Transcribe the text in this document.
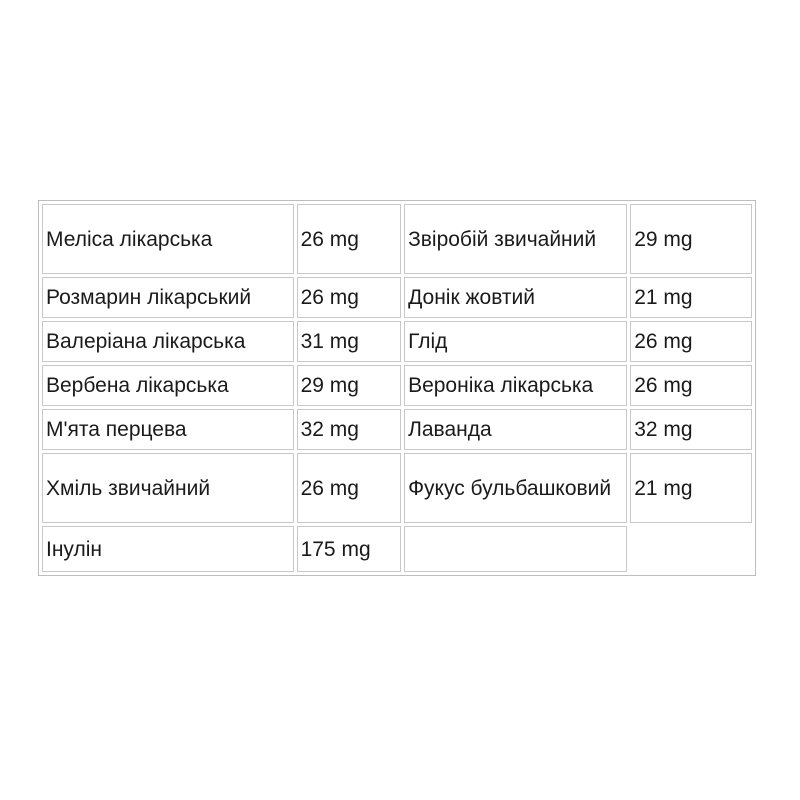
Меліса лікарська	26 mg	Звіробій звичайний	29 mg
Розмарин лікарський	26 mg	Донік жовтий	21 mg
Валеріана лікарська	31 mg	Глід	26 mg
Вербена лікарська	29 mg	Вероніка лікарська	26 mg
М'ята перцева	32 mg	Лаванда	32 mg
Хміль звичайний	26 mg	Фукус бульбашковий	21 mg
Інулін	175 mg		
